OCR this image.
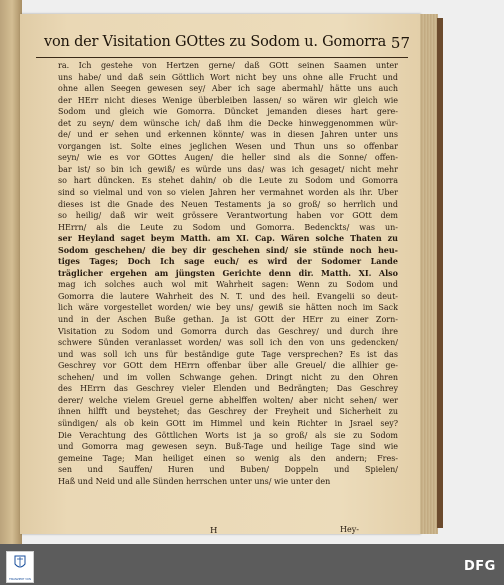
von der Visitation GOttes zu Sodom u. Gomorra 57
ra. Ich gestehe von Hertzen gerne/ daß GOtt seinen Saamen unter
uns habe/ und daß sein Göttlich Wort nicht bey uns ohne alle Frucht und
ohne allen Seegen gewesen sey/ Aber ich sage abermahl/ hätte uns auch
der HErr nicht dieses Wenige überbleiben lassen/ so wären wir gleich wie
Sodom und gleich wie Gomorra. Düncket jemanden dieses hart gere-
det zu seyn/ dem wünsche ich/ daß ihm die Decke hinweggenommen wür-
de/ und er sehen und erkennen könnte/ was in diesen Jahren unter uns
vorgangen ist. Solte eines jeglichen Wesen und Thun uns so offenbar
seyn/ wie es vor GOttes Augen/ die heller sind als die Sonne/ offen-
bar ist/ so bin ich gewiß/ es würde uns das/ was ich gesaget/ nicht mehr
so hart düncken. Es stehet dahin/ ob die Leute zu Sodom und Gomorra
sind so vielmal und von so vielen Jahren her vermahnet worden als ihr. Uber
dieses ist die Gnade des Neuen Testaments ja so groß/ so herrlich und
so heilig/ daß wir weit grössere Verantwortung haben vor GOtt dem
HErrn/ als die Leute zu Sodom und Gomorra. Bedenckts/ was un-
ser Heyland saget beym Matth. am XI. Cap. Wären solche Thaten zu
Sodom geschehen/ die bey dir geschehen sind/ sie stünde noch heu-
tiges Tages; Doch Ich sage euch/ es wird der Sodomer Lande
träglicher ergehen am jüngsten Gerichte denn dir. Matth. XI. Also
mag ich solches auch wol mit Wahrheit sagen: Wenn zu Sodom und
Gomorra die lautere Wahrheit des N. T. und des heil. Evangelii so deut-
lich wäre vorgestellet worden/ wie bey uns/ gewiß sie hätten noch im Sack
und in der Aschen Buße gethan. Ja ist GOtt der HErr zu einer Zorn-
Visitation zu Sodom und Gomorra durch das Geschrey/ und durch ihre
schwere Sünden veranlasset worden/ was soll ich den von uns gedencken/
und was soll ich uns für beständige gute Tage versprechen? Es ist das
Geschrey vor GOtt dem HErrn offenbar über alle Greuel/ die allhier ge-
schehen/ und im vollen Schwange gehen. Dringt nicht zu den Ohren
des HErrn das Geschrey vieler Elenden und Bedrängten; Das Geschrey
derer/ welche vielem Greuel gerne abhelffen wolten/ aber nicht sehen/ wer
ihnen hilfft und beystehet; das Geschrey der Freyheit und Sicherheit zu
sündigen/ als ob kein GOtt im Himmel und kein Richter in Jsrael sey?
Die Verachtung des Göttlichen Worts ist ja so groß/ als sie zu Sodom
und Gomorra mag gewesen seyn. Buß-Tage und heilige Tage sind wie
gemeine Tage; Man heiliget einen so wenig als den andern; Fres-
sen und Sauffen/ Huren und Buben/ Doppeln und Spielen/
Haß und Neid und alle Sünden herrschen unter uns/ wie unter den
H	Hey-
FINANZIERT VON
DFG
